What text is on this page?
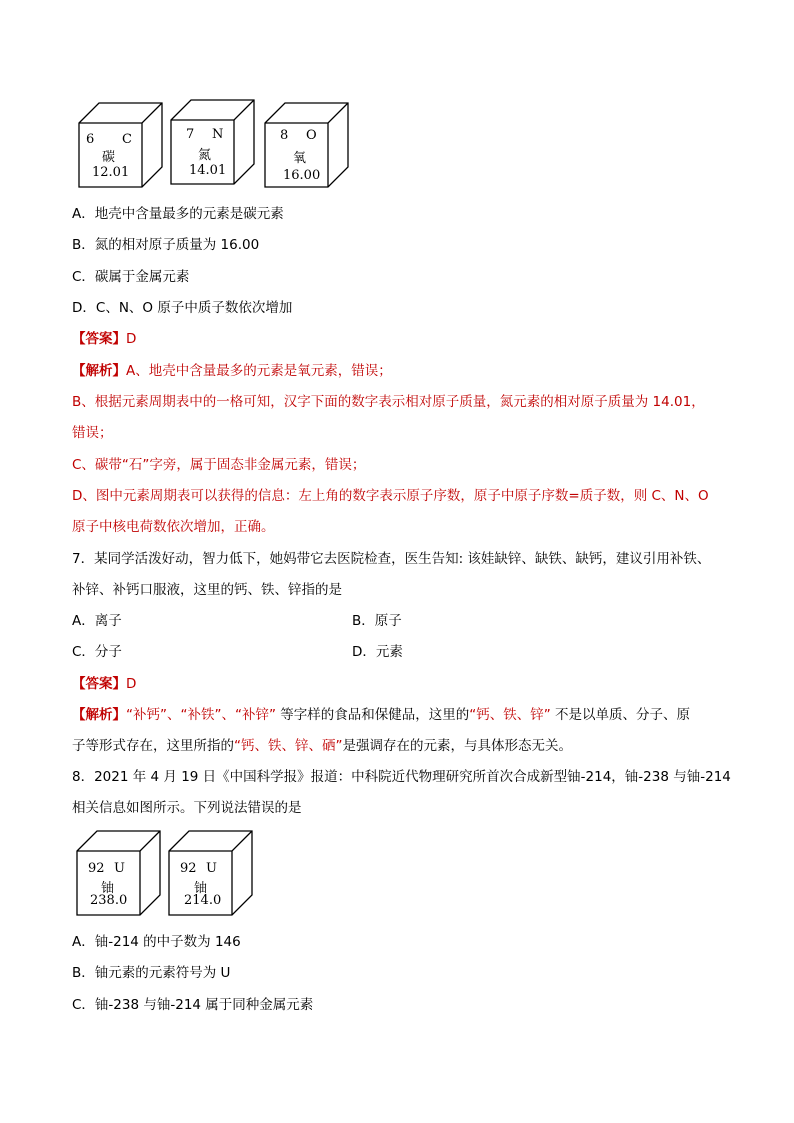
6 C
碳
12.01
7 N
氮
14.01
8 O
氧
16.00
A．地壳中含量最多的元素是碳元素
B．氮的相对原子质量为 16.00
C．碳属于金属元素
D．C、N、O 原子中质子数依次增加
【答案】D
【解析】A、地壳中含量最多的元素是氧元素，错误；
B、根据元素周期表中的一格可知，汉字下面的数字表示相对原子质量，氮元素的相对原子质量为 14.01，
错误；
C、碳带“石”字旁，属于固态非金属元素，错误；
D、图中元素周期表可以获得的信息：左上角的数字表示原子序数，原子中原子序数=质子数，则 C、N、O
原子中核电荷数依次增加，正确。
7．某同学活泼好动，智力低下，她妈带它去医院检查，医生告知: 该娃缺锌、缺铁、缺钙，建议引用补铁、
补锌、补钙口服液，这里的钙、铁、锌指的是
A．离子	B．原子
C．分子	D．元素
【答案】D
【解析】“补钙”、“补铁”、“补锌” 等字样的食品和保健品，这里的“钙、铁、锌” 不是以单质、分子、原
子等形式存在，这里所指的“钙、铁、锌、硒”是强调存在的元素，与具体形态无关。
8．2021 年 4 月 19 日《中国科学报》报道：中科院近代物理研究所首次合成新型铀-214，铀-238 与铀-214
相关信息如图所示。下列说法错误的是
92 U
铀
238.0
92 U
铀
214.0
A．铀-214 的中子数为 146
B．铀元素的元素符号为 U
C．铀-238 与铀-214 属于同种金属元素
